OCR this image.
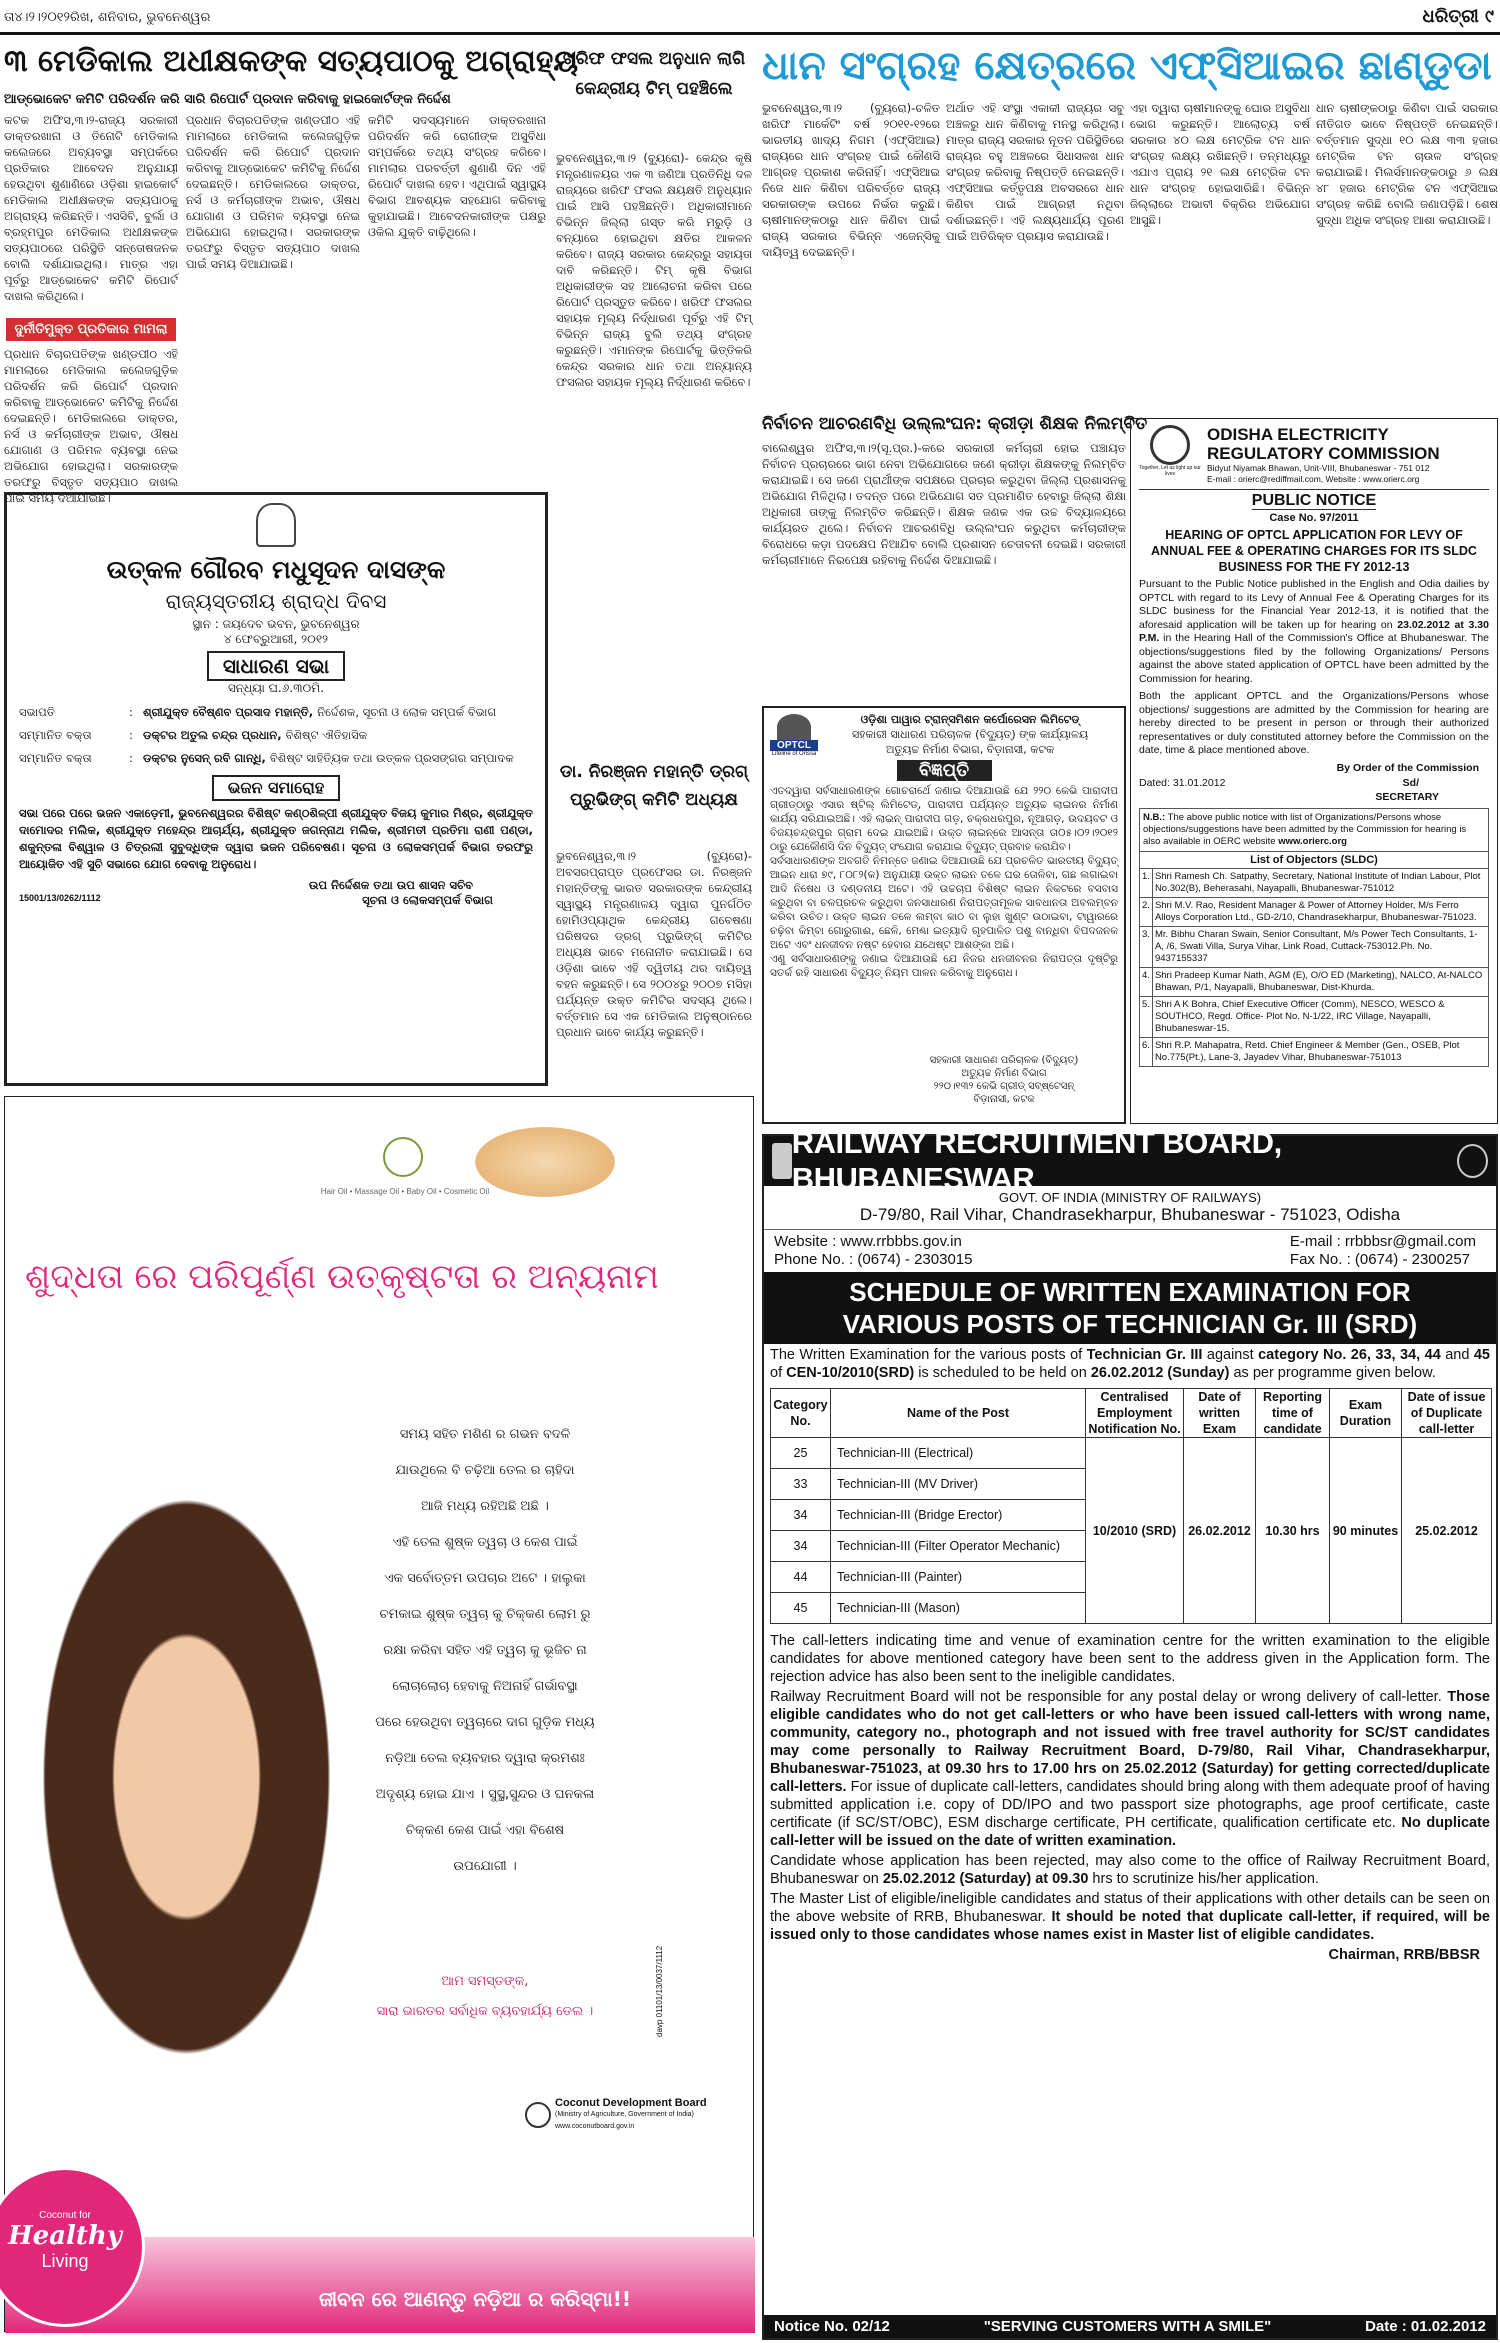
ତା୪।୨।୨୦୧୨ରିଖ, ଶନିବାର, ଭୁବନେଶ୍ୱର	ଧରିତ୍ରୀ ୯
୩ ମେଡିକାଲ ଅଧୀକ୍ଷକଙ୍କ ସତ୍ୟପାଠକୁ ଅଗ୍ରାହ୍ୟ
ଆଡ୍‌ଭୋକେଟ କମିଟି ପରିଦର୍ଶନ କରି ସାରି ରିପୋର୍ଟ ପ୍ରଦାନ କରିବାକୁ ହାଇକୋର୍ଟଙ୍କ ନିର୍ଦ୍ଦେଶ
କଟକ ଅଫିସ,୩।୨-ରାଜ୍ୟ ସରକାରୀ ଡାକ୍ତରଖାନା ଓ ତିନୋଟି ମେଡିକାଲ କଲେଜରେ ଅବ୍ୟବସ୍ଥା ସମ୍ପର୍କରେ ପ୍ରତିକାର ଆବେଦନ ଅନୁଯାୟୀ ହେଉଥିବା ଶୁଣାଣିରେ ଓଡ଼ିଶା ହାଇକୋର୍ଟ ମେଡିକାଲ ଅଧୀକ୍ଷକଙ୍କ ସତ୍ୟପାଠକୁ ଅଗ୍ରାହ୍ୟ କରିଛନ୍ତି। ଏସସିବି, ବୁର୍ଲା ଓ ବ୍ରହ୍ମପୁର ମେଡିକାଲ ଅଧୀକ୍ଷକଙ୍କ ସତ୍ୟପାଠରେ ପରିସ୍ଥିତି ସନ୍ତୋଷଜନକ ବୋଲି ଦର୍ଶାଯାଇଥିଲା। ମାତ୍ର ଏହା ପୂର୍ବରୁ ଆଡ୍‌ଭୋକେଟ କମିଟି ରିପୋର୍ଟ ଦାଖଲ କରିଥିଲେ।
ଦୁର୍ନୀତିମୁକ୍ତ ପ୍ରତିକାର ମାମଲା
ପ୍ରଧାନ ବିଚାରପତିଙ୍କ ଖଣ୍ଡପୀଠ ଏହି ମାମଲାରେ ମେଡିକାଲ କଲେଜଗୁଡ଼ିକ ପରିଦର୍ଶନ କରି ରିପୋର୍ଟ ପ୍ରଦାନ କରିବାକୁ ଆଡ୍‌ଭୋକେଟ କମିଟିକୁ ନିର୍ଦ୍ଦେଶ ଦେଇଛନ୍ତି। ମେଡିକାଲରେ ଡାକ୍ତର, ନର୍ସ ଓ କର୍ମଚାରୀଙ୍କ ଅଭାବ, ଔଷଧ ଯୋଗାଣ ଓ ପରିମଳ ବ୍ୟବସ୍ଥା ନେଇ ଅଭିଯୋଗ ହୋଇଥିଲା। ସରକାରଙ୍କ ତରଫରୁ ବିସ୍ତୃତ ସତ୍ୟପାଠ ଦାଖଲ ପାଇଁ ସମୟ ଦିଆଯାଇଛି।
ପ୍ରଧାନ ବିଚାରପତିଙ୍କ ଖଣ୍ଡପୀଠ ଏହି ମାମଲାରେ ମେଡିକାଲ କଲେଜଗୁଡ଼ିକ ପରିଦର୍ଶନ କରି ରିପୋର୍ଟ ପ୍ରଦାନ କରିବାକୁ ଆଡ୍‌ଭୋକେଟ କମିଟିକୁ ନିର୍ଦ୍ଦେଶ ଦେଇଛନ୍ତି। ମେଡିକାଲରେ ଡାକ୍ତର, ନର୍ସ ଓ କର୍ମଚାରୀଙ୍କ ଅଭାବ, ଔଷଧ ଯୋଗାଣ ଓ ପରିମଳ ବ୍ୟବସ୍ଥା ନେଇ ଅଭିଯୋଗ ହୋଇଥିଲା। ସରକାରଙ୍କ ତରଫରୁ ବିସ୍ତୃତ ସତ୍ୟପାଠ ଦାଖଲ ପାଇଁ ସମୟ ଦିଆଯାଇଛି।
କମିଟି ସଦସ୍ୟମାନେ ଡାକ୍ତରଖାନା ପରିଦର୍ଶନ କରି ରୋଗୀଙ୍କ ଅସୁବିଧା ସମ୍ପର୍କରେ ତଥ୍ୟ ସଂଗ୍ରହ କରିବେ। ମାମଲାର ପରବର୍ତ୍ତୀ ଶୁଣାଣି ଦିନ ଏହି ରିପୋର୍ଟ ଦାଖଲ ହେବ। ଏଥିପାଇଁ ସ୍ୱାସ୍ଥ୍ୟ ବିଭାଗ ଆବଶ୍ୟକ ସହଯୋଗ କରିବାକୁ କୁହାଯାଇଛି। ଆବେଦନକାରୀଙ୍କ ପକ୍ଷରୁ ଓକିଲ ଯୁକ୍ତି ବାଢ଼ିଥିଲେ।
ଖରିଫ ଫସଲ ଅନୁଧାନ ଲାଗି କେନ୍ଦ୍ରୀୟ ଟିମ୍ ପହଞ୍ଚିଲେ
ଭୁବନେଶ୍ୱର,୩।୨ (ବ୍ୟୁରୋ)- କେନ୍ଦ୍ର କୃଷି ମନ୍ତ୍ରଣାଳୟର ଏକ ୩ ଜଣିଆ ପ୍ରତିନିଧି ଦଳ ରାଜ୍ୟରେ ଖରିଫ ଫସଲ କ୍ଷୟକ୍ଷତି ଅନୁଧ୍ୟାନ ପାଇଁ ଆସି ପହଞ୍ଚିଛନ୍ତି। ଅଧିକାରୀମାନେ ବିଭିନ୍ନ ଜିଲ୍ଲା ଗସ୍ତ କରି ମରୁଡ଼ି ଓ ବନ୍ୟାରେ ହୋଇଥିବା କ୍ଷତିର ଆକଳନ କରିବେ। ରାଜ୍ୟ ସରକାର କେନ୍ଦ୍ରରୁ ସହାୟତା ଦାବି କରିଛନ୍ତି। ଟିମ୍ କୃଷି ବିଭାଗ ଅଧିକାରୀଙ୍କ ସହ ଆଲୋଚନା କରିବା ପରେ ରିପୋର୍ଟ ପ୍ରସ୍ତୁତ କରିବେ। ଖରିଫ ଫସଲର ସହାୟକ ମୂଲ୍ୟ ନିର୍ଦ୍ଧାରଣ ପୂର୍ବରୁ ଏହି ଟିମ୍ ବିଭିନ୍ନ ରାଜ୍ୟ ବୁଲି ତଥ୍ୟ ସଂଗ୍ରହ କରୁଛନ୍ତି। ଏମାନଙ୍କ ରିପୋର୍ଟକୁ ଭିତ୍ତିକରି କେନ୍ଦ୍ର ସରକାର ଧାନ ତଥା ଅନ୍ୟାନ୍ୟ ଫସଲର ସହାୟକ ମୂଲ୍ୟ ନିର୍ଦ୍ଧାରଣ କରିବେ।
ଡା. ନିରଞ୍ଜନ ମହାନ୍ତି ଡ୍ରଗ୍ ପ୍ରୁଭିଙ୍ଗ୍ କମିଟି ଅଧ୍ୟକ୍ଷ
ଭୁବନେଶ୍ୱର,୩।୨ (ବ୍ୟୁରୋ)- ଅବସରପ୍ରାପ୍ତ ପ୍ରଫେସର ଡା. ନିରଞ୍ଜନ ମହାନ୍ତିଙ୍କୁ ଭାରତ ସରକାରଙ୍କ କେନ୍ଦ୍ରୀୟ ସ୍ୱାସ୍ଥ୍ୟ ମନ୍ତ୍ରଣାଳୟ ଦ୍ୱାରା ପୁନର୍ଗଠିତ ହୋମିଓପ୍ୟାଥିକ କେନ୍ଦ୍ରୀୟ ଗବେଷଣା ପରିଷଦର ଡ୍ରଗ୍ ପ୍ରୁଭିଙ୍ଗ୍ କମିଟିର ଅଧ୍ୟକ୍ଷ ଭାବେ ମନୋନୀତ କରାଯାଇଛି। ସେ ଓଡ଼ିଶା ଭାବେ ଏହି ଦ୍ୱିତୀୟ ଥର ଦାୟିତ୍ୱ ବହନ କରୁଛନ୍ତି। ସେ ୨୦୦୪ରୁ ୨୦୦୭ ମସିହା ପର୍ଯ୍ୟନ୍ତ ଉକ୍ତ କମିଟିର ସଦସ୍ୟ ଥିଲେ। ବର୍ତ୍ତମାନ ସେ ଏକ ମେଡିକାଲ ଅନୁଷ୍ଠାନରେ ପ୍ରଧାନ ଭାବେ କାର୍ଯ୍ୟ କରୁଛନ୍ତି।
ଧାନ ସଂଗ୍ରହ କ୍ଷେତ୍ରରେ ଏଫ୍‌ସିଆଇର ଛାଣ୍ଡୁଡା
ଭୁବନେଶ୍ୱର,୩।୨ (ବ୍ୟୁରୋ)-ଚଳିତ ଖରିଫ ମାର୍କେଟିଂ ବର୍ଷ ୨୦୧୧-୧୨ରେ ଭାରତୀୟ ଖାଦ୍ୟ ନିଗମ (ଏଫ୍‌ସିଆଇ) ରାଜ୍ୟରେ ଧାନ ସଂଗ୍ରହ ପାଇଁ କୌଣସି ଆଗ୍ରହ ପ୍ରକାଶ କରିନାହିଁ। ଏଫ୍‌ସିଆଇ ନିଜେ ଧାନ କିଣିବା ପରିବର୍ତ୍ତେ ରାଜ୍ୟ ସରକାରଙ୍କ ଉପରେ ନିର୍ଭର କରୁଛି। ଚାଷୀମାନଙ୍କଠାରୁ ଧାନ କିଣିବା ପାଇଁ ରାଜ୍ୟ ସରକାର ବିଭିନ୍ନ ଏଜେନ୍ସିକୁ ଦାୟିତ୍ୱ ଦେଇଛନ୍ତି।
ଅର୍ଥାତ ଏହି ସଂସ୍ଥା ଏକାକୀ ରାଜ୍ୟର ସବୁ ଅଞ୍ଚଳରୁ ଧାନ କିଣିବାକୁ ମନସ୍ଥ କରିଥିଲା। ମାତ୍ର ରାଜ୍ୟ ସରକାର ନୂତନ ପରିସ୍ଥିତିରେ ରାଜ୍ୟର ବହୁ ଅଞ୍ଚଳରେ ସିଧାସଳଖ ଧାନ ସଂଗ୍ରହ କରିବାକୁ ନିଷ୍ପତ୍ତି ନେଇଛନ୍ତି। ଏଫ୍‌ସିଆଇ କର୍ତ୍ତୃପକ୍ଷ ଅବସରରେ ଧାନ କିଣିବା ପାଇଁ ଆଗ୍ରହୀ ନଥିବା ଦର୍ଶାଇଛନ୍ତି। ଏହି ଲକ୍ଷ୍ୟଧାର୍ଯ୍ୟ ପୂରଣ ପାଇଁ ଅତିରିକ୍ତ ପ୍ରୟାସ କରାଯାଉଛି।
ଏହା ଦ୍ୱାରା ଚାଷୀମାନଙ୍କୁ ଘୋର ଅସୁବିଧା ଭୋଗ କରୁଛନ୍ତି। ଆଲୋଚ୍ୟ ବର୍ଷ ସରକାର ୪୦ ଲକ୍ଷ ମେଟ୍ରିକ ଟନ ଧାନ ସଂଗ୍ରହ ଲକ୍ଷ୍ୟ ରଖିଛନ୍ତି। ତନ୍ମଧ୍ୟରୁ ଏଯାଏ ପ୍ରାୟ ୨୧ ଲକ୍ଷ ମେଟ୍ରିକ ଟନ ଧାନ ସଂଗ୍ରହ ହୋଇସାରିଛି। ବିଭିନ୍ନ ଜିଲ୍ଲାରେ ଅଭାବୀ ବିକ୍ରିର ଅଭିଯୋଗ ଆସୁଛି।
ଧାନ ଚାଷୀଙ୍କଠାରୁ କିଣିବା ପାଇଁ ସରକାର ନୀତିଗତ ଭାବେ ନିଷ୍ପତ୍ତି ନେଇଛନ୍ତି। ବର୍ତ୍ତମାନ ସୁଦ୍ଧା ୧୦ ଲକ୍ଷ ୩୩ ହଜାର ମେଟ୍ରିକ ଟନ ଚାଉଳ ସଂଗ୍ରହ କରାଯାଇଛି। ମିଲର୍ସମାନଙ୍କଠାରୁ ୬ ଲକ୍ଷ ୪୮ ହଜାର ମେଟ୍ରିକ ଟନ ଏଫ୍‌ସିଆଇ ସଂଗ୍ରହ କରିଛି ବୋଲି ଜଣାପଡ଼ିଛି। ଶେଷ ସୁଦ୍ଧା ଅଧିକ ସଂଗ୍ରହ ଆଶା କରାଯାଉଛି।
ନିର୍ବାଚନ ଆଚରଣବିଧି ଉଲ୍ଲଂଘନ: କ୍ରୀଡ଼ା ଶିକ୍ଷକ ନିଲମ୍ବିତ
ବାଲେଶ୍ୱର ଅଫିସ,୩।୨(ସୂ.ପ୍ର.)-କରେ ସରକାରୀ କର୍ମଚାରୀ ହୋଇ ପଞ୍ଚାୟତ ନିର୍ବାଚନ ପ୍ରଚାରରେ ଭାଗ ନେବା ଅଭିଯୋଗରେ ଜଣେ କ୍ରୀଡ଼ା ଶିକ୍ଷକଙ୍କୁ ନିଲମ୍ବିତ କରାଯାଇଛି। ସେ ଜଣେ ପ୍ରାର୍ଥୀଙ୍କ ସପକ୍ଷରେ ପ୍ରଚାର କରୁଥିବା ଜିଲ୍ଲା ପ୍ରଶାସନକୁ ଅଭିଯୋଗ ମିଳିଥିଲା। ତଦନ୍ତ ପରେ ଅଭିଯୋଗ ସତ ପ୍ରମାଣିତ ହେବାରୁ ଜିଲ୍ଲା ଶିକ୍ଷା ଅଧିକାରୀ ତାଙ୍କୁ ନିଲମ୍ବିତ କରିଛନ୍ତି। ଶିକ୍ଷକ ଜଣକ ଏକ ଉଚ୍ଚ ବିଦ୍ୟାଳୟରେ କାର୍ଯ୍ୟରତ ଥିଲେ। ନିର୍ବାଚନ ଆଚରଣବିଧି ଉଲ୍ଲଂଘନ କରୁଥିବା କର୍ମଚାରୀଙ୍କ ବିରୋଧରେ କଡ଼ା ପଦକ୍ଷେପ ନିଆଯିବ ବୋଲି ପ୍ରଶାସନ ଚେତାବନୀ ଦେଇଛି। ସରକାରୀ କର୍ମଚାରୀମାନେ ନିରପେକ୍ଷ ରହିବାକୁ ନିର୍ଦ୍ଦେଶ ଦିଆଯାଇଛି।
OPTCL
Lifeline of Orissa
ଓଡ଼ିଶା ପାୱାର ଟ୍ରାନ୍ସମିଶନ କର୍ପୋରେସନ ଲିମିଟେଡ୍
ସହକାରୀ ସାଧାରଣ ପରିଚାଳକ (ବିଦ୍ୟୁତ୍) ଙ୍କ କାର୍ଯ୍ୟାଳୟ
ଅତ୍ୟୁଚ୍ଚ ନିର୍ମାଣ ବିଭାଗ, ବିଡ଼ାନାସୀ, କଟକ
ବିଜ୍ଞପ୍ତି

ଏତଦ୍ୱାରା ସର୍ବସାଧାରଣଙ୍କ ଗୋଚରାର୍ଥେ ଜଣାଇ ଦିଆଯାଉଛି ଯେ ୨୨୦ କେଭି ପାରାଦୀପ ଗ୍ରୀଡ୍‌ଠାରୁ ଏସାର ଷ୍ଟିଲ୍ ଲିମିଟେଡ୍, ପାରାଦୀପ ପର୍ଯ୍ୟନ୍ତ ଅତ୍ୟୁଚ୍ଚ ଲାଇନର ନିର୍ମାଣ କାର୍ଯ୍ୟ ସରିଯାଇଅଛି। ଏହି ଲାଇନ୍ ପାରାଦୀପ ଗଡ଼, ଚକ୍ରଧରପୁର, ନୂଆଗଡ଼, ଉଦୟବଟ ଓ ବିଜୟଚନ୍ଦ୍ରପୁର ଗ୍ରାମ ଦେଇ ଯାଇଅଛି। ଉକ୍ତ ଲାଇନ୍‌ରେ ଆସନ୍ତା ତା୦୫।୦୨।୨୦୧୨ ଠାରୁ ଯେକୌଣସି ଦିନ ବିଦ୍ୟୁତ୍ ସଂଯୋଗ କରାଯାଇ ବିଦ୍ୟୁତ୍ ପ୍ରବାହ କରାଯିବ।

ସର୍ବସାଧାରଣଙ୍କ ଅବଗତି ନିମନ୍ତେ ଜଣାଇ ଦିଆଯାଉଛି ଯେ ପ୍ରଚଳିତ ଭାରତୀୟ ବିଦ୍ୟୁତ୍ ଆଇନ ଧାରା ୭୯, ୮୦୮୨(କ) ଅନୁଯାୟୀ ଉକ୍ତ ଲାଇନ ତଳେ ଘର ତୋଳିବା, ଗଛ ଲଗାଇବା ଆଦି ନିଷେଧ ଓ ଦଣ୍ଡନୀୟ ଅଟେ। ଏହି ଉଚ୍ଚଚାପ ବିଶିଷ୍ଟ ଲାଇନ ନିକଟରେ ବସବାସ କରୁଥିବା ବା ଚଳପ୍ରଚଳ କରୁଥିବା ଜନସାଧାରଣ ନିରାପତ୍ତାମୂଳକ ସାବଧାନତା ଅବଲମ୍ବନ କରିବା ଉଚିତ। ଉକ୍ତ ଲାଇନ ତଳେ ଲମ୍ବା କାଠ ବା ଲୁହା ଖୁଣ୍ଟ ଉଠାଇବା, ଟାୱାରରେ ଚଢ଼ିବା କିମ୍ବା ଗୋରୁଗାଈ, ଛେଳି, ମେଣ୍ଢା ଇତ୍ୟାଦି ଗୃହପାଳିତ ପଶୁ ବାନ୍ଧିବା ବିପଦଜନକ ଅଟେ ଏବଂ ଧନଜୀବନ ନଷ୍ଟ ହେବାର ଯଥେଷ୍ଟ ଆଶଙ୍କା ଅଛି।

ଏଣୁ ସର୍ବସାଧାରଣଙ୍କୁ ଜଣାଇ ଦିଆଯାଉଛି ଯେ ନିଜର ଧନଜୀବନର ନିରାପତ୍ତା ଦୃଷ୍ଟିରୁ ସତର୍କ ରହି ସାଧାରଣ ବିଦ୍ୟୁତ୍ ନିୟମ ପାଳନ କରିବାକୁ ଅନୁରୋଧ।

ସହକାରୀ ସାଧାରଣ ପରିଚାଳକ (ବିଦ୍ୟୁତ୍)
ଅତ୍ୟୁଚ୍ଚ ନିର୍ମାଣ ବିଭାଗ
୨୨୦।୧୩୨ କେଭି ଗ୍ରୀଡ୍ ସବ୍‌ଷ୍ଟେସନ୍
ବିଡ଼ାନାସୀ, କଟକ
Together, Let us light up our lives
ODISHA ELECTRICITY
REGULATORY COMMISSION
Bidyut Niyamak Bhawan, Unit-VIII, Bhubaneswar - 751 012
E-mail : orierc@rediffmail.com, Website : www.orierc.org
PUBLIC NOTICE
Case No. 97/2011
HEARING OF OPTCL APPLICATION FOR LEVY OF ANNUAL FEE & OPERATING CHARGES FOR ITS SLDC BUSINESS FOR THE FY 2012-13

Pursuant to the Public Notice published in the English and Odia dailies by OPTCL with regard to its Levy of Annual Fee & Operating Charges for its SLDC business for the Financial Year 2012-13, it is notified that the aforesaid application will be taken up for hearing on 23.02.2012 at 3.30 P.M. in the Hearing Hall of the Commission's Office at Bhubaneswar. The objections/suggestions filed by the following Organizations/ Persons against the above stated application of OPTCL have been admitted by the Commission for hearing.

Both the applicant OPTCL and the Organizations/Persons whose objections/ suggestions are admitted by the Commission for hearing are hereby directed to be present in person or through their authorized representatives or duly constituted attorney before the Commission on the date, time & place mentioned above.

By Order of the Commission
Dated: 31.01.2012	Sd/
SECRETARY

N.B.: The above public notice with list of Organizations/Persons whose objections/suggestions have been admitted by the Commission for hearing is also available in OERC website www.orierc.org

List of Objectors (SLDC)
1.	Shri Ramesh Ch. Satpathy, Secretary, National Institute of Indian Labour, Plot No.302(B), Beherasahi, Nayapalli, Bhubaneswar-751012
2.	Shri M.V. Rao, Resident Manager & Power of Attorney Holder, M/s Ferro Alloys Corporation Ltd., GD-2/10, Chandrasekharpur, Bhubaneswar-751023.
3.	Mr. Bibhu Charan Swain, Senior Consultant, M/s Power Tech Consultants, 1-A, /6, Swati Villa, Surya Vihar, Link Road, Cuttack-753012.Ph. No. 9437155337
4.	Shri Pradeep Kumar Nath, AGM (E), O/O ED (Marketing), NALCO, At-NALCO Bhawan, P/1, Nayapalli, Bhubaneswar, Dist-Khurda.
5.	Shri A K Bohra, Chief Executive Officer (Comm), NESCO, WESCO & SOUTHCO, Regd. Office- Plot No. N-1/22, IRC Village, Nayapalli, Bhubaneswar-15.
6.	Shri R.P. Mahapatra, Retd. Chief Engineer & Member (Gen., OSEB, Plot No.775(Pt.), Lane-3, Jayadev Vihar, Bhubaneswar-751013
ଉତ୍କଳ ଗୌରବ ମଧୁସୂଦନ ଦାସଙ୍କ
ରାଜ୍ୟସ୍ତରୀୟ ଶ୍ରାଦ୍ଧ ଦିବସ
ସ୍ଥାନ : ଜୟଦେବ ଭବନ, ଭୁବନେଶ୍ୱର
୪ ଫେବ୍ରୁଆରୀ, ୨୦୧୨
ସାଧାରଣ ସଭା
ସନ୍ଧ୍ୟା ଘ.୬.୩୦ମି.
ସଭାପତି	: ଶ୍ରୀଯୁକ୍ତ ବୈଷ୍ଣବ ପ୍ରସାଦ ମହାନ୍ତି, ନିର୍ଦ୍ଦେଶକ, ସୂଚନା ଓ ଲୋକ ସମ୍ପର୍କ ବିଭାଗ
ସମ୍ମାନିତ ବକ୍ତା	: ଡକ୍ଟର ଅତୁଲ ଚନ୍ଦ୍ର ପ୍ରଧାନ, ବିଶିଷ୍ଟ ଐତିହାସିକ
ସମ୍ମାନିତ ବକ୍ତା	: ଡକ୍ଟର ନୁସେନ୍ ରବି ଗାନ୍ଧି, ବିଶିଷ୍ଟ ସାହିତ୍ୟିକ ତଥା ଉତ୍କଳ ପ୍ରସଙ୍ଗର ସମ୍ପାଦକ
ଭଜନ ସମାରୋହ

ସଭା ପରେ ପରେ ଭଜନ ଏକାଡ଼େମୀ, ଭୁବନେଶ୍ୱରର ବିଶିଷ୍ଟ କଣ୍ଠଶିଳ୍ପୀ ଶ୍ରୀଯୁକ୍ତ ବିଜୟ କୁମାର ମିଶ୍ର, ଶ୍ରୀଯୁକ୍ତ ଦାମୋଦର ମଲିକ, ଶ୍ରୀଯୁକ୍ତ ମହେନ୍ଦ୍ର ଆଚାର୍ଯ୍ୟ, ଶ୍ରୀଯୁକ୍ତ ଜଗନ୍ନାଥ ମଲିକ, ଶ୍ରୀମତୀ ପ୍ରତିମା ରାଣୀ ପଣ୍ଡା, ଶକୁନ୍ତଳା ବିଶ୍ୱାଳ ଓ ଚିତ୍ରଲୀ ସୁବୁଦ୍ଧିଙ୍କ ଦ୍ୱାରା ଭଜନ ପରିବେଷଣ। ସୂଚନା ଓ ଲୋକସମ୍ପର୍କ ବିଭାଗ ତରଫରୁ ଆୟୋଜିତ ଏହି ସୁଚି ସଭାରେ ଯୋଗ ଦେବାକୁ ଅନୁରୋଧ।

ଉପ ନିର୍ଦ୍ଦେଶକ ତଥା ଉପ ଶାସନ ସଚିବ
15001/13/0262/1112	ସୂଚନା ଓ ଲୋକସମ୍ପର୍କ ବିଭାଗ
Hair Oil • Massage Oil • Baby Oil • Cosmetic Oil
ଶୁଦ୍ଧତା ରେ ପରିପୂର୍ଣ୍ଣ ଉତ୍କୃଷ୍ଟତା ର ଅନ୍ୟନାମ
ସମୟ ସହିତ ମଶିଣ ର ଗଭନ ବଦଳି
ଯାଉଥିଲେ ବି ଚଢ଼ିଆ ତେଲ ର ଚାହିଦା
ଆଜି ମଧ୍ୟ ରହିଅଛି ଅଛି ।
ଏହି ତେଲ ଶୁଷ୍କ ତ୍ୱଚା ଓ କେଶ ପାଇଁ
ଏକ ସର୍ବୋତ୍ତମ ଉପଚାର ଅଟେ । ହାଲୁକା
ଚମକାଇ ଶୁଷ୍କ ତ୍ୱଚା କୁ ଚିକ୍କଣ ଲୋମ ରୁ
ରକ୍ଷା କରିବା ସହିତ ଏହି ତ୍ୱଚା କୁ ଭୂଜିଚ ନା
ଲୋଚାଲୋଚା ହେବାକୁ ନିଅନାହିଁ ଗର୍ଭାବସ୍ଥା
ପରେ ହେଉଥିବା ତ୍ୱଚାରେ ଦାଗ ଗୁଡ଼ିକ ମଧ୍ୟ
ନଡ଼ିଆ ତେଲ ବ୍ୟବହାର ଦ୍ୱାରା କ୍ରମଶଃ
ଅଦୃଶ୍ୟ ହୋଇ ଯାଏ । ସୁସ୍ଥ,ସୁନ୍ଦର ଓ ଘନକଳା
ଚିକ୍କଣ କେଶ ପାଇଁ ଏହା ବିଶେଷ
ଉପଯୋଗୀ ।
ଆମ ସମସ୍ତଙ୍କ,
ସାରା ଭାରତର ସର୍ବାଧିକ ବ୍ୟବହାର୍ଯ୍ୟ ତେଲ ।
Coconut Development Board
(Ministry of Agriculture, Government of India)
www.coconutboard.gov.in
davp 01101/13/0037/1112
Coconut for
Healthy
Living
ଜୀବନ ରେ ଆଣନ୍ତୁ ନଡ଼ିଆ ର କରିସ୍ମା!!
RAILWAY RECRUITMENT BOARD, BHUBANESWAR
GOVT. OF INDIA (MINISTRY OF RAILWAYS)
D-79/80, Rail Vihar, Chandrasekharpur, Bhubaneswar - 751023, Odisha
Website : www.rrbbbs.gov.in
Phone No. : (0674) - 2303015
E-mail : rrbbbsr@gmail.com
Fax No. : (0674) - 2300257
SCHEDULE OF WRITTEN EXAMINATION FOR
VARIOUS POSTS OF TECHNICIAN Gr. III (SRD)

The Written Examination for the various posts of Technician Gr. III against category No. 26, 33, 34, 44 and 45 of CEN-10/2010(SRD) is scheduled to be held on 26.02.2012 (Sunday) as per programme given below.

Category No.	Name of the Post	Centralised Employment Notification No.	Date of written Exam	Reporting time of candidate	Exam Duration	Date of issue of Duplicate call-letter
25	Technician-III (Electrical)	10/2010 (SRD)	26.02.2012	10.30 hrs	90 minutes	25.02.2012
33	Technician-III (MV Driver)					
34	Technician-III (Bridge Erector)					
34	Technician-III (Filter Operator Mechanic)					
44	Technician-III (Painter)					
45	Technician-III (Mason)					

The call-letters indicating time and venue of examination centre for the written examination to the eligible candidates for above mentioned category have been sent to the address given in the Application form. The rejection advice has also been sent to the ineligible candidates.

Railway Recruitment Board will not be responsible for any postal delay or wrong delivery of call-letter. Those eligible candidates who do not get call-letters or who have been issued call-letters with wrong name, community, category no., photograph and not issued with free travel authority for SC/ST candidates may come personally to Railway Recruitment Board, D-79/80, Rail Vihar, Chandrasekharpur, Bhubaneswar-751023, at 09.30 hrs to 17.00 hrs on 25.02.2012 (Saturday) for getting corrected/duplicate call-letters. For issue of duplicate call-letters, candidates should bring along with them adequate proof of having submitted application i.e. copy of DD/IPO and two passport size photographs, age proof certificate, caste certificate (if SC/ST/OBC), ESM discharge certificate, PH certificate, qualification certificate etc. No duplicate call-letter will be issued on the date of written examination.

Candidate whose application has been rejected, may also come to the office of Railway Recruitment Board, Bhubaneswar on 25.02.2012 (Saturday) at 09.30 hrs to scrutinize his/her application.

The Master List of eligible/ineligible candidates and status of their applications with other details can be seen on the above website of RRB, Bhubaneswar. It should be noted that duplicate call-letter, if required, will be issued only to those candidates whose names exist in Master list of eligible candidates.

Chairman, RRB/BBSR
Notice No. 02/12	"SERVING CUSTOMERS WITH A SMILE"	Date : 01.02.2012
